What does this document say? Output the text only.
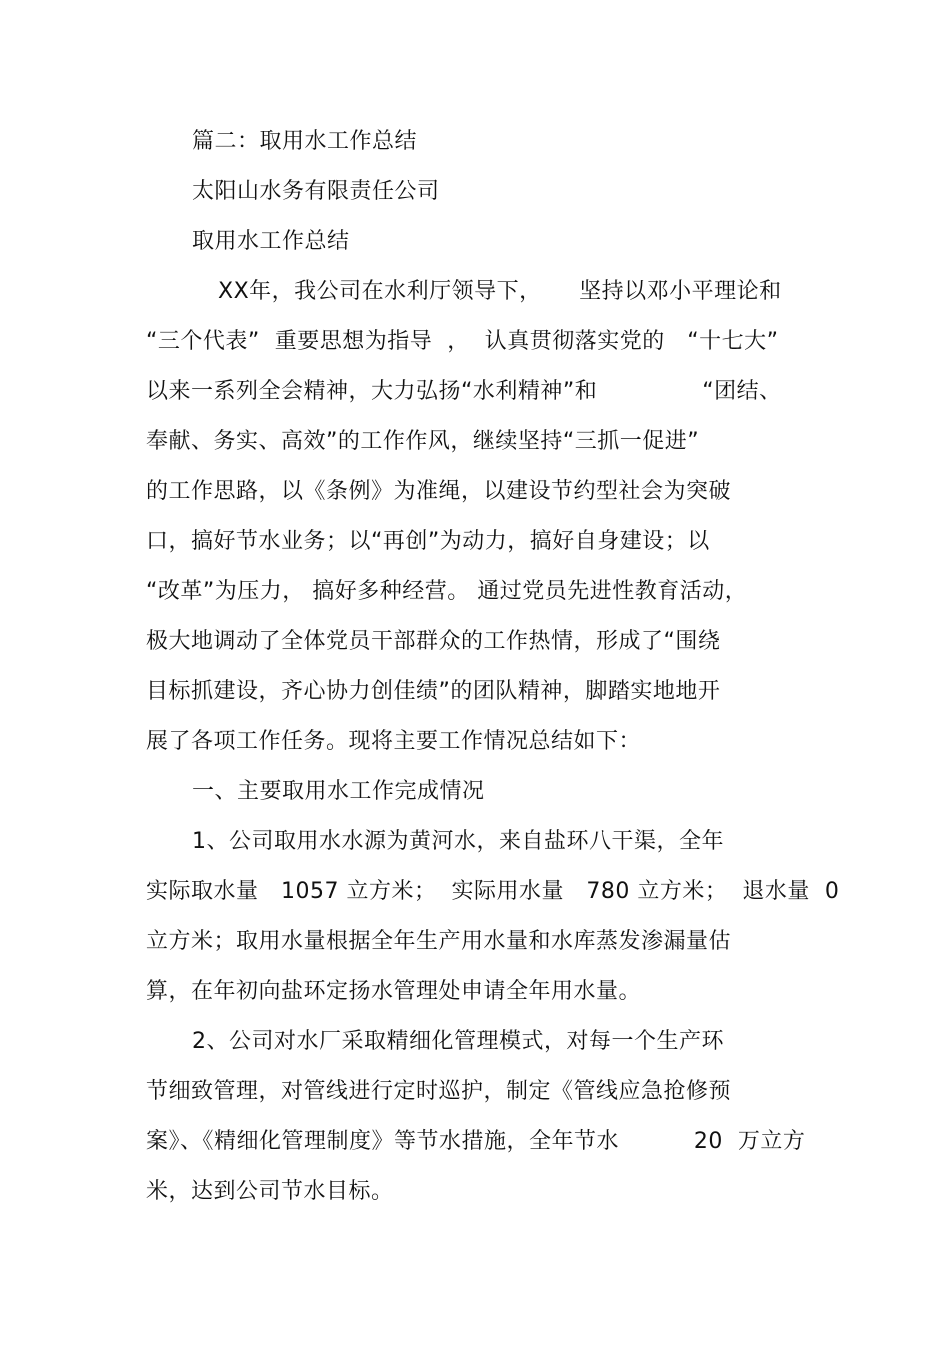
篇二：取用水工作总结
太阳山水务有限责任公司
取用水工作总结
XX年，我公司在水利厅领导下，     坚持以邓小平理论和
“三个代表”  重要思想为指导  ，  认真贯彻落实党的   “十七大”
以来一系列全会精神，大力弘扬“水利精神”和              “团结、
奉献、务实、高效”的工作作风，继续坚持“三抓一促进”
的工作思路，以《条例》为准绳，以建设节约型社会为突破
口，搞好节水业务；以“再创”为动力，搞好自身建设；以
“改革”为压力， 搞好多种经营。 通过党员先进性教育活动，
极大地调动了全体党员干部群众的工作热情，形成了“围绕
目标抓建设，齐心协力创佳绩”的团队精神，脚踏实地地开
展了各项工作任务。现将主要工作情况总结如下：
一、主要取用水工作完成情况
1、公司取用水水源为黄河水，来自盐环八干渠，全年
实际取水量   1057 立方米；  实际用水量   780 立方米；  退水量  0
立方米；取用水量根据全年生产用水量和水库蒸发渗漏量估
算，在年初向盐环定扬水管理处申请全年用水量。
2、公司对水厂采取精细化管理模式，对每一个生产环
节细致管理，对管线进行定时巡护，制定《管线应急抢修预
案》、《精细化管理制度》等节水措施，全年节水          20  万立方
米，达到公司节水目标。
